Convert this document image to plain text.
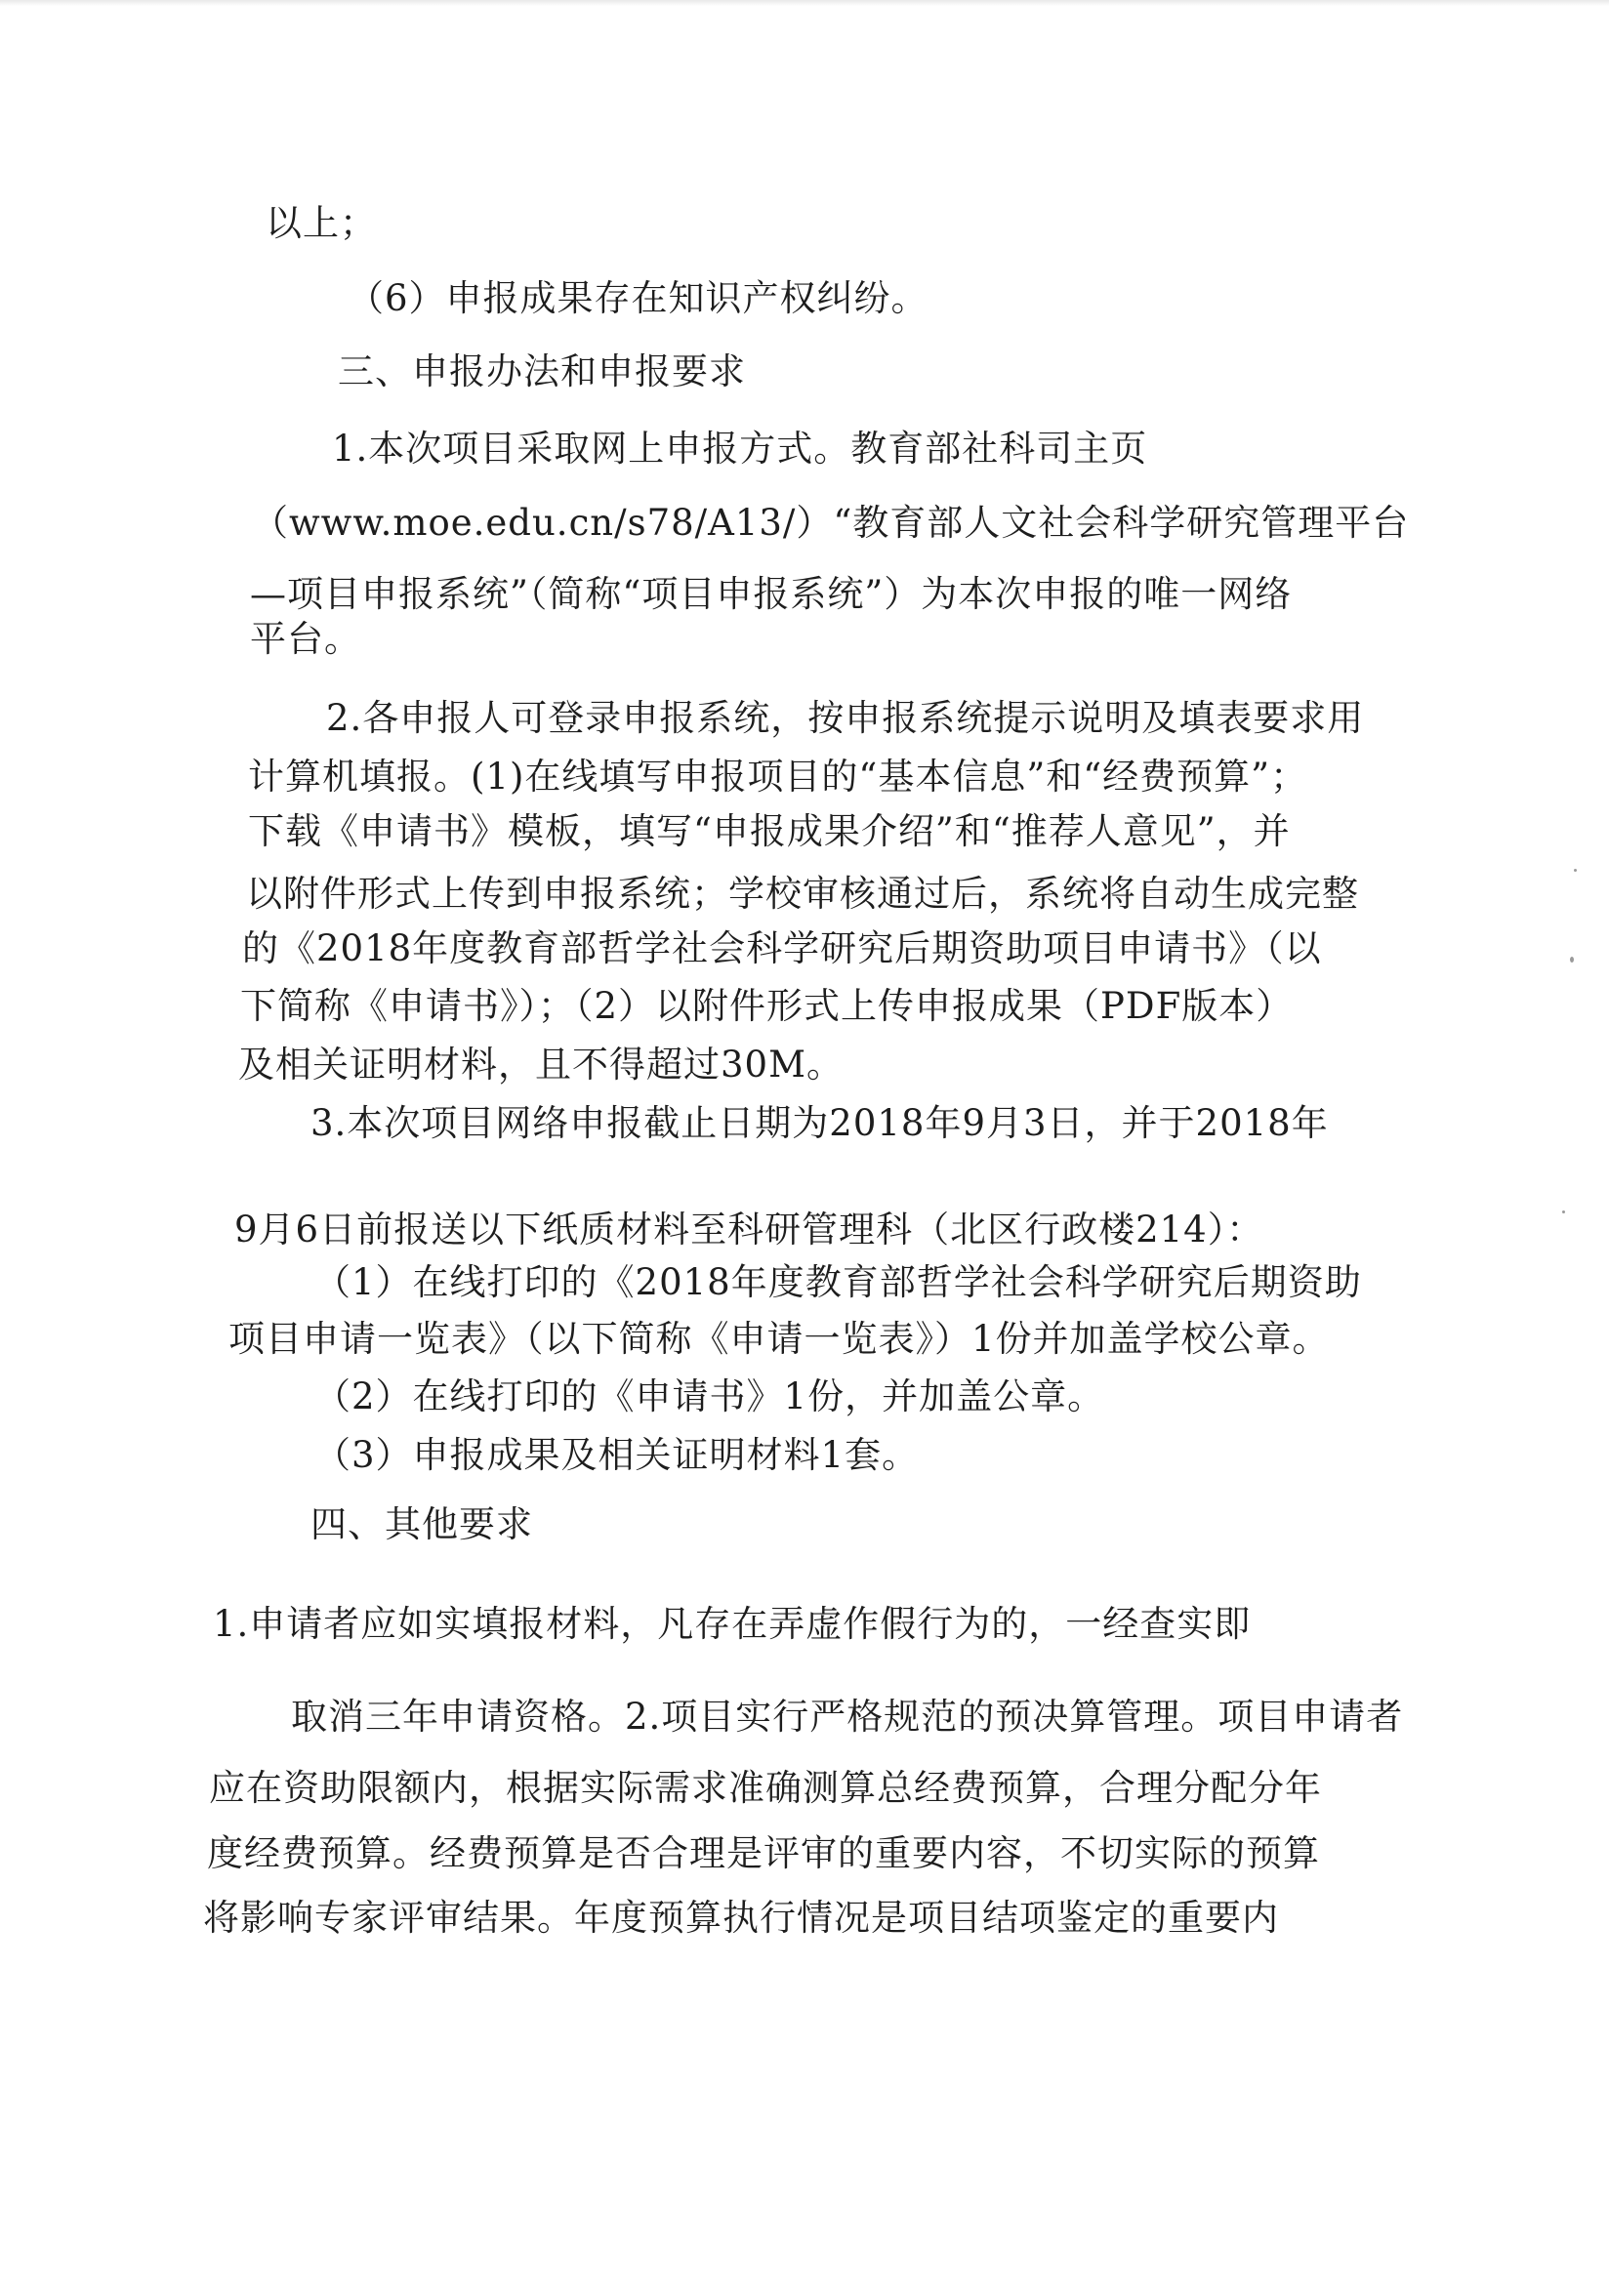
以上；

（6）申报成果存在知识产权纠纷。

三、申报办法和申报要求

1.本次项目采取网上申报方式。教育部社科司主页

（www.moe.edu.cn/s78/A13/）“教育部人文社会科学研究管理平台

—项目申报系统”（简称“项目申报系统”）为本次申报的唯一网络

平台。

2.各申报人可登录申报系统，按申报系统提示说明及填表要求用

计算机填报。(1)在线填写申报项目的“基本信息”和“经费预算”；

下载《申请书》模板，填写“申报成果介绍”和“推荐人意见”，并

以附件形式上传到申报系统；学校审核通过后，系统将自动生成完整

的《2018年度教育部哲学社会科学研究后期资助项目申请书》（以

下简称《申请书》）；（2）以附件形式上传申报成果（PDF版本）

及相关证明材料，且不得超过30M。

3.本次项目网络申报截止日期为2018年9月3日，并于2018年

9月6日前报送以下纸质材料至科研管理科（北区行政楼214）：

（1）在线打印的《2018年度教育部哲学社会科学研究后期资助

项目申请一览表》（以下简称《申请一览表》）1份并加盖学校公章。

（2）在线打印的《申请书》1份，并加盖公章。

（3）申报成果及相关证明材料1套。

四、其他要求

1.申请者应如实填报材料，凡存在弄虚作假行为的，一经查实即

取消三年申请资格。2.项目实行严格规范的预决算管理。项目申请者

应在资助限额内，根据实际需求准确测算总经费预算，合理分配分年

度经费预算。经费预算是否合理是评审的重要内容，不切实际的预算

将影响专家评审结果。年度预算执行情况是项目结项鉴定的重要内
